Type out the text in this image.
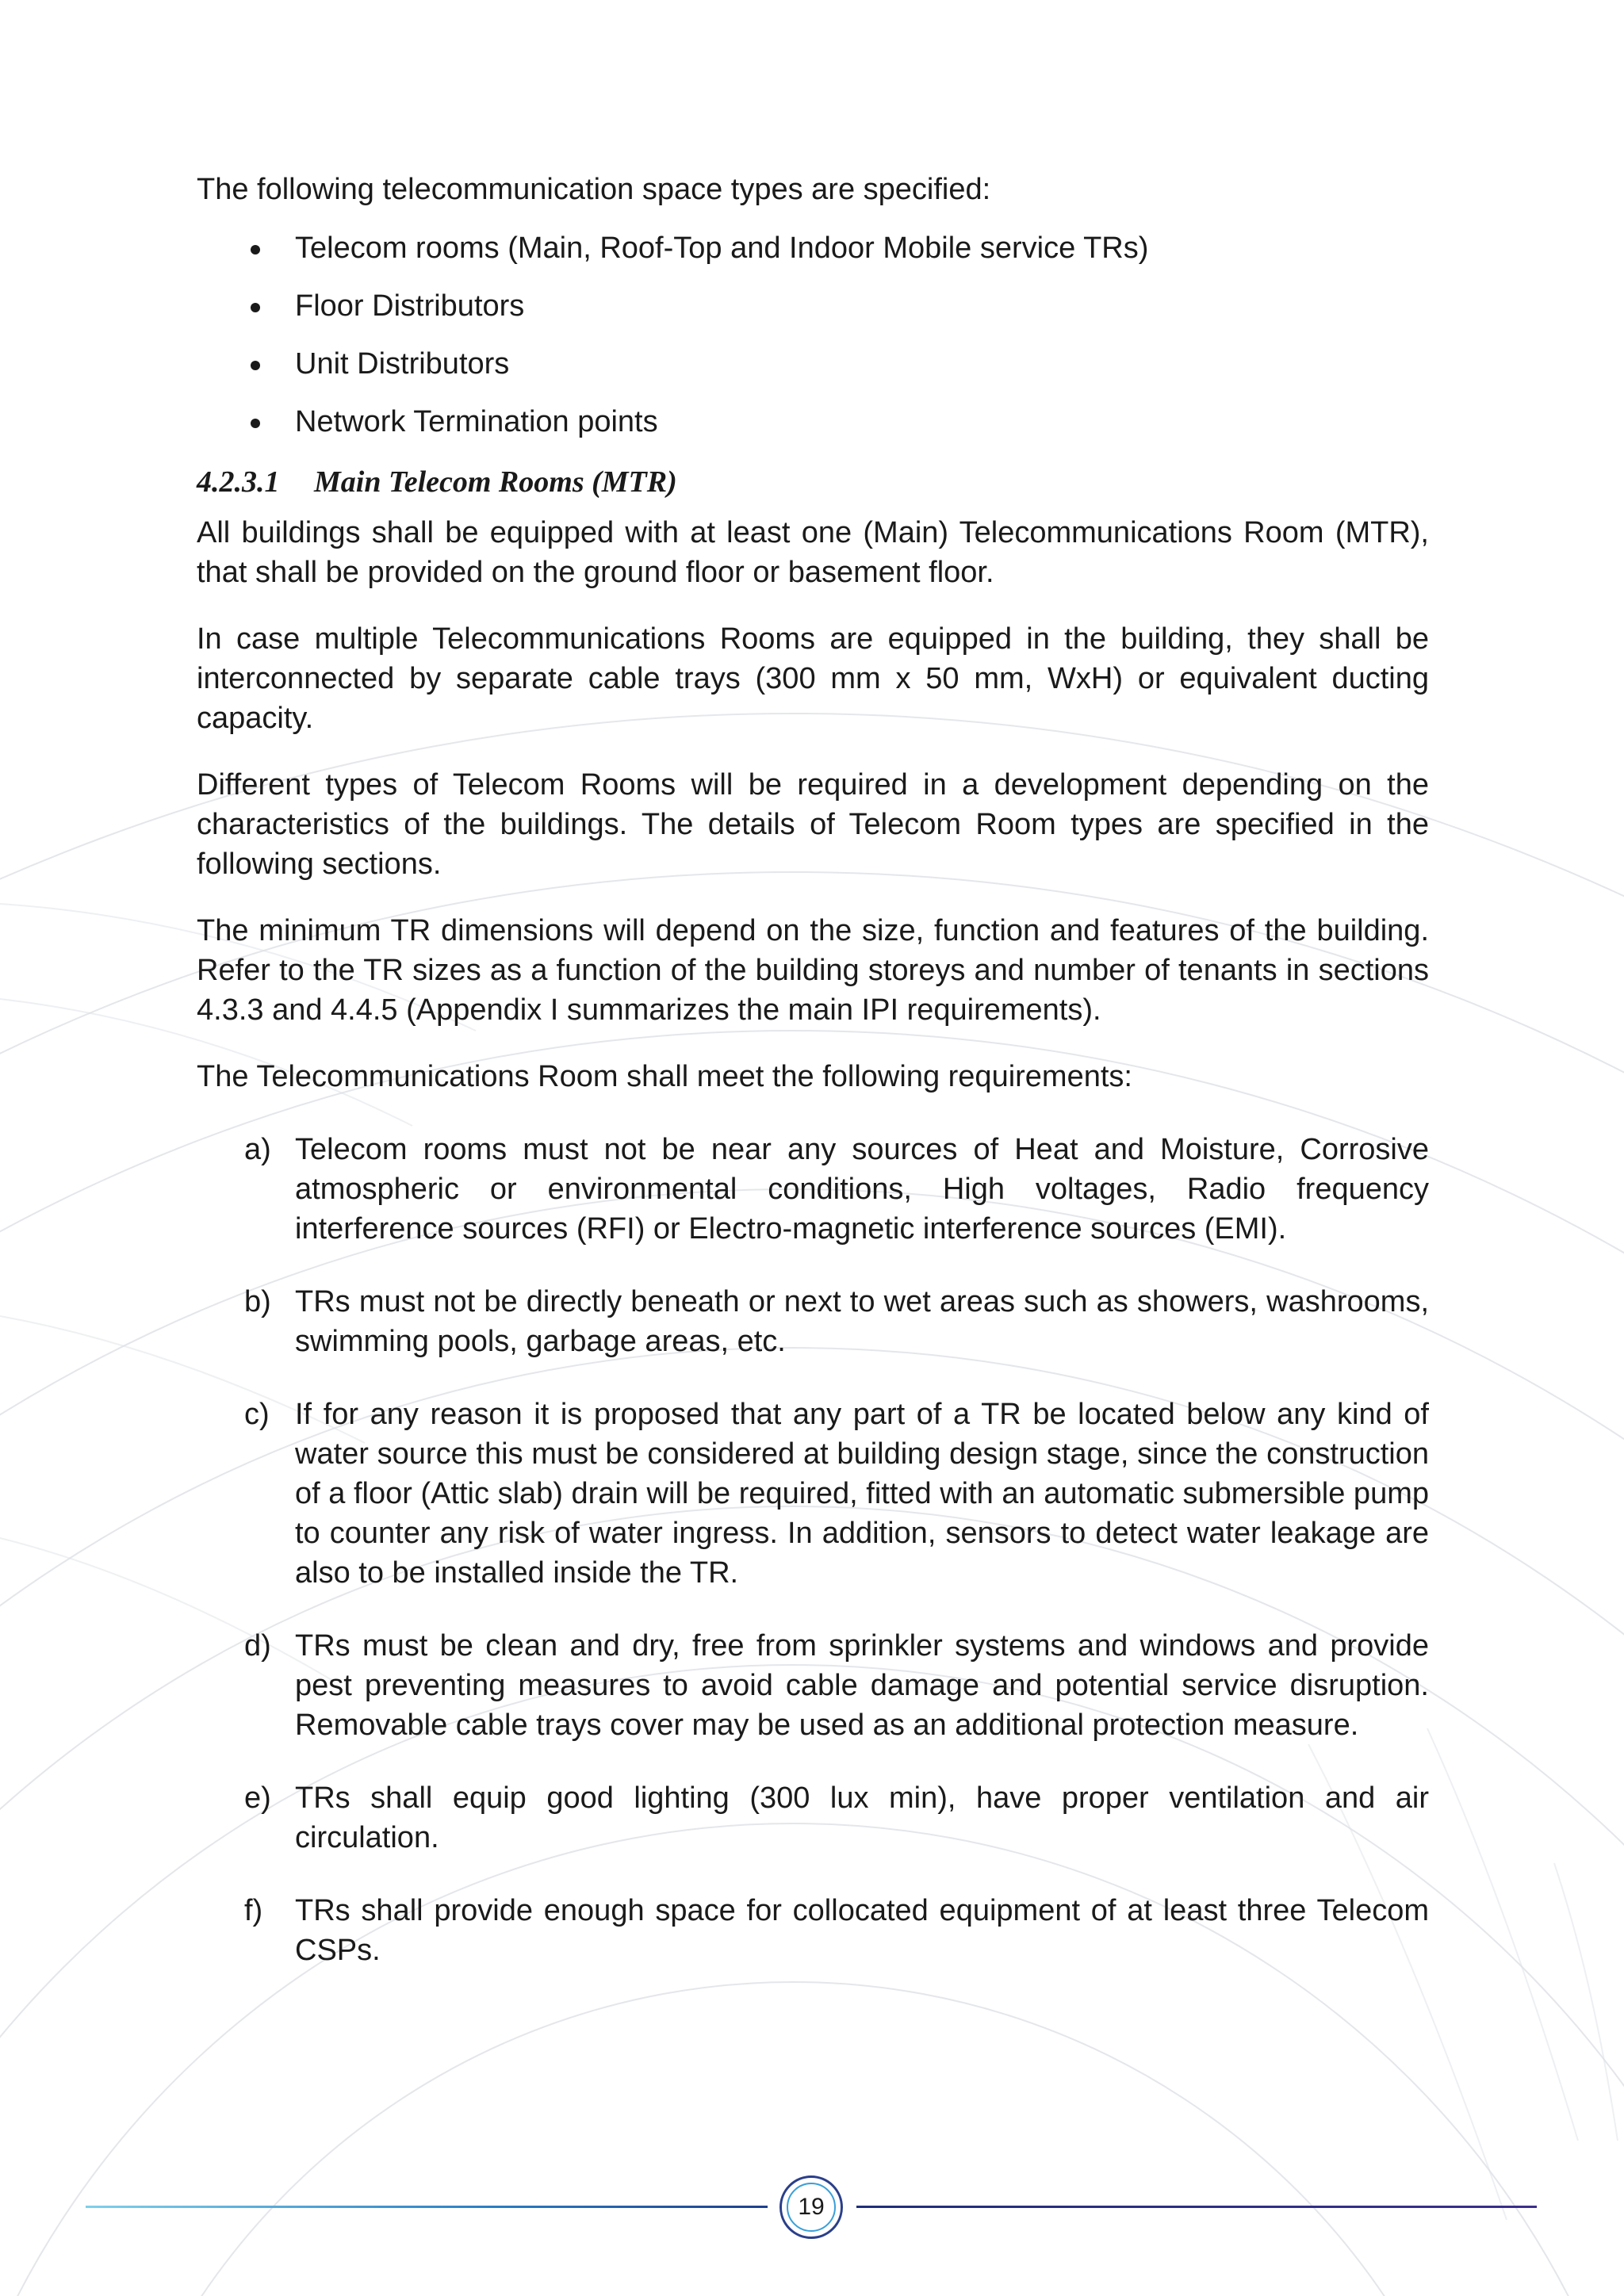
The following telecommunication space types are specified:

Telecom rooms (Main, Roof-Top and Indoor Mobile service TRs)
Floor Distributors
Unit Distributors
Network Termination points
4.2.3.1 Main Telecom Rooms (MTR)

All buildings shall be equipped with at least one (Main) Telecommunications Room (MTR), that shall be provided on the ground floor or basement floor.

In case multiple Telecommunications Rooms are equipped in the building, they shall be interconnected by separate cable trays (300 mm x 50 mm, WxH) or equivalent ducting capacity.

Different types of Telecom Rooms will be required in a development depending on the characteristics of the buildings. The details of Telecom Room types are specified in the following sections.

The minimum TR dimensions will depend on the size, function and features of the building. Refer to the TR sizes as a function of the building storeys and number of tenants in sections 4.3.3 and 4.4.5 (Appendix I summarizes the main IPI requirements).

The Telecommunications Room shall meet the following requirements:

a) Telecom rooms must not be near any sources of Heat and Moisture, Corrosive atmospheric or environmental conditions, High voltages, Radio frequency interference sources (RFI) or Electro-magnetic interference sources (EMI).
b) TRs must not be directly beneath or next to wet areas such as showers, washrooms, swimming pools, garbage areas, etc.
c) If for any reason it is proposed that any part of a TR be located below any kind of water source this must be considered at building design stage, since the construction of a floor (Attic slab) drain will be required, fitted with an automatic submersible pump to counter any risk of water ingress. In addition, sensors to detect water leakage are also to be installed inside the TR.
d) TRs must be clean and dry, free from sprinkler systems and windows and provide pest preventing measures to avoid cable damage and potential service disruption. Removable cable trays cover may be used as an additional protection measure.
e) TRs shall equip good lighting (300 lux min), have proper ventilation and air circulation.
f) TRs shall provide enough space for collocated equipment of at least three Telecom CSPs.
19
